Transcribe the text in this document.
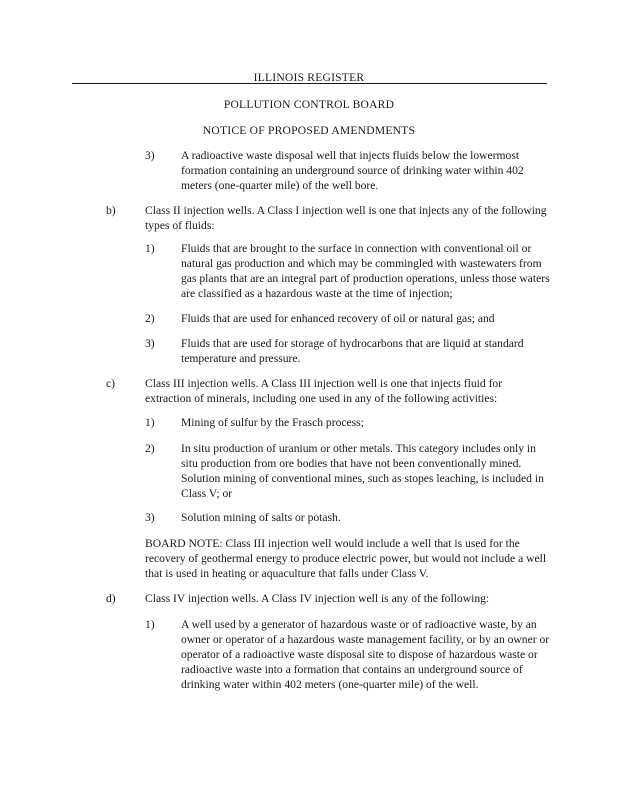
ILLINOIS REGISTER
POLLUTION CONTROL BOARD
NOTICE OF PROPOSED AMENDMENTS
3) A radioactive waste disposal well that injects fluids below the lowermost formation containing an underground source of drinking water within 402 meters (one-quarter mile) of the well bore.
b)	Class II injection wells. A Class I injection well is one that injects any of the following types of fluids:
1) Fluids that are brought to the surface in connection with conventional oil or natural gas production and which may be commingled with wastewaters from gas plants that are an integral part of production operations, unless those waters are classified as a hazardous waste at the time of injection;
2) Fluids that are used for enhanced recovery of oil or natural gas; and
3) Fluids that are used for storage of hydrocarbons that are liquid at standard temperature and pressure.
c)	Class III injection wells. A Class III injection well is one that injects fluid for extraction of minerals, including one used in any of the following activities:
1) Mining of sulfur by the Frasch process;
2) In situ production of uranium or other metals. This category includes only in situ production from ore bodies that have not been conventionally mined. Solution mining of conventional mines, such as stopes leaching, is included in Class V; or
3) Solution mining of salts or potash.
BOARD NOTE: Class III injection well would include a well that is used for the recovery of geothermal energy to produce electric power, but would not include a well that is used in heating or aquaculture that falls under Class V.
d)	Class IV injection wells. A Class IV injection well is any of the following:
1) A well used by a generator of hazardous waste or of radioactive waste, by an owner or operator of a hazardous waste management facility, or by an owner or operator of a radioactive waste disposal site to dispose of hazardous waste or radioactive waste into a formation that contains an underground source of drinking water within 402 meters (one-quarter mile) of the well.
